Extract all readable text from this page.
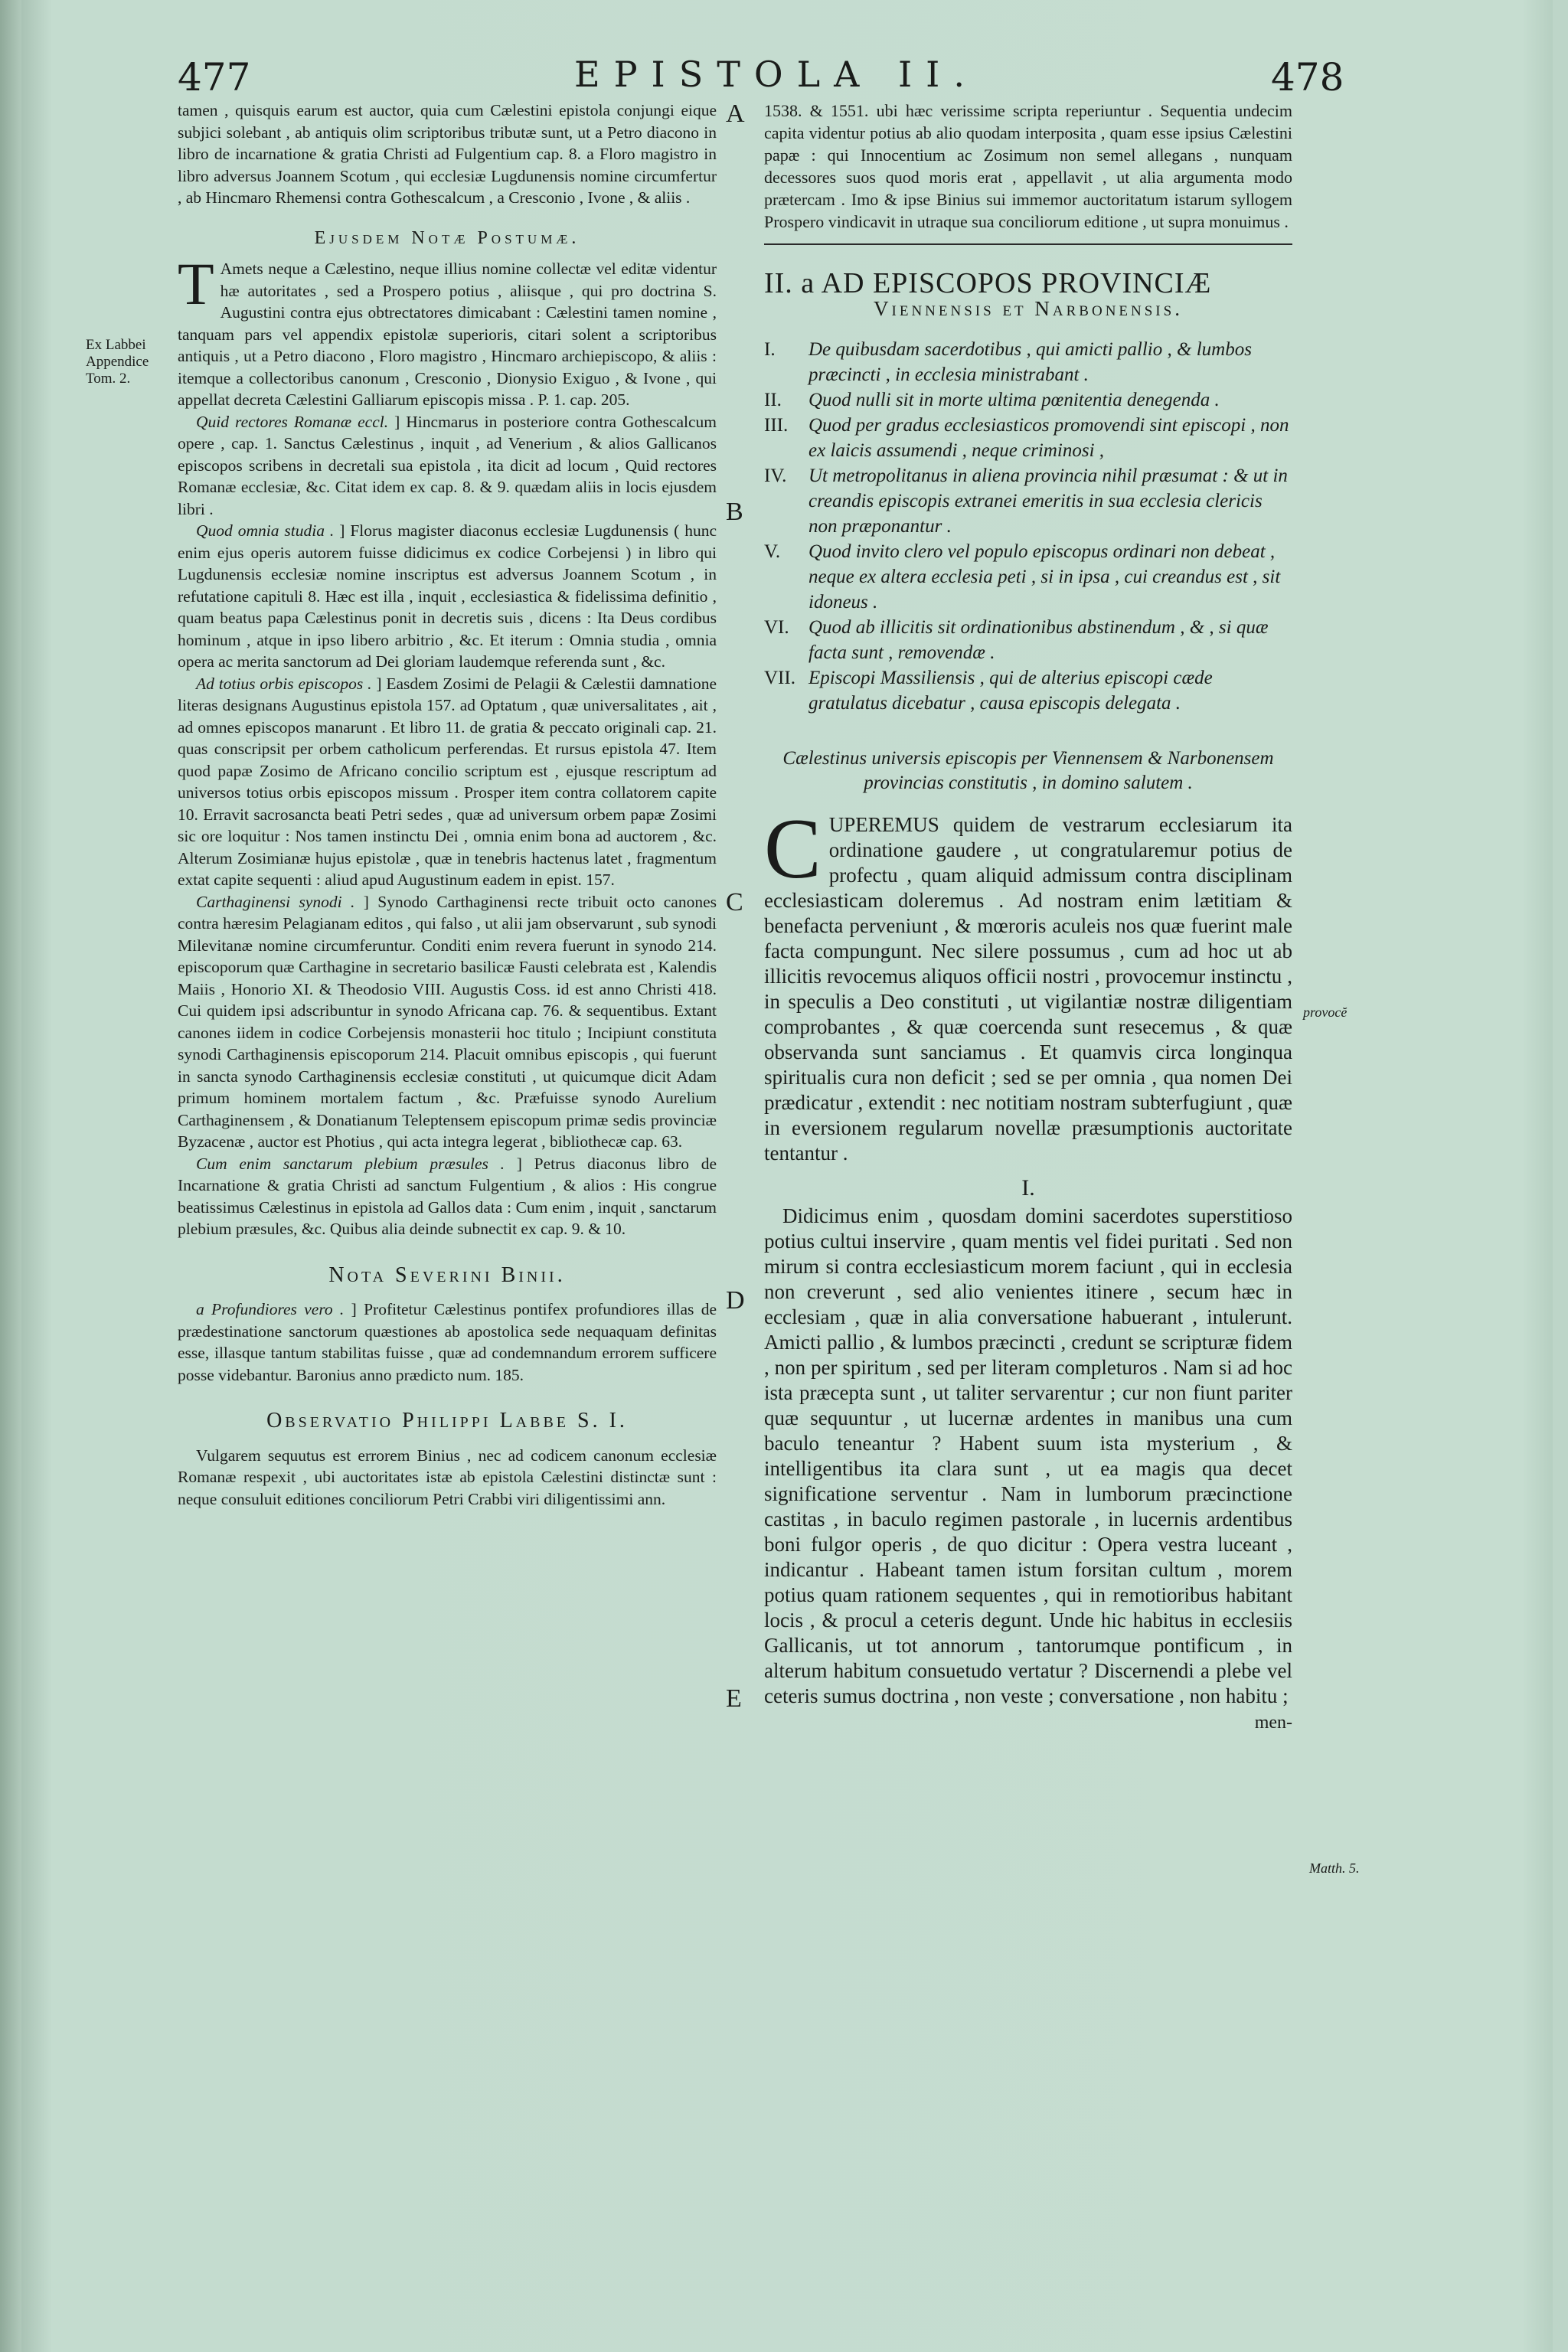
477	EPISTOLA II.	478
Ex Labbei Appendice Tom. 2.
A
B
C
D
E
provocĕ
Matth. 5.

tamen , quisquis earum est auctor, quia cum Cælestini epistola conjungi eique subjici solebant , ab antiquis olim scriptoribus tributæ sunt, ut a Petro diacono in libro de incarnatione & gratia Christi ad Fulgentium cap. 8. a Floro magistro in libro adversus Joannem Scotum , qui ecclesiæ Lugdunensis nomine circumfertur , ab Hincmaro Rhemensi contra Gothescalcum , a Cresconio , Ivone , & aliis .

Ejusdem Notæ Postumæ.
T Amets neque a Cælestino, neque illius nomine collectæ vel editæ videntur hæ autoritates , sed a Prospero potius , aliisque , qui pro doctrina S. Augustini contra ejus obtrectatores dimicabant : Cælestini tamen nomine , tanquam pars vel appendix epistolæ superioris, citari solent a scriptoribus antiquis , ut a Petro diacono , Floro magistro , Hincmaro archiepiscopo, & aliis : itemque a collectoribus canonum , Cresconio , Dionysio Exiguo , & Ivone , qui appellat decreta Cælestini Galliarum episcopis missa . P. 1. cap. 205.

Quid rectores Romanæ eccl. ] Hincmarus in posteriore contra Gothescalcum opere , cap. 1. Sanctus Cælestinus , inquit , ad Venerium , & alios Gallicanos episcopos scribens in decretali sua epistola , ita dicit ad locum , Quid rectores Romanæ ecclesiæ, &c. Citat idem ex cap. 8. & 9. quædam aliis in locis ejusdem libri .

Quod omnia studia . ] Florus magister diaconus ecclesiæ Lugdunensis ( hunc enim ejus operis autorem fuisse didicimus ex codice Corbejensi ) in libro qui Lugdunensis ecclesiæ nomine inscriptus est adversus Joannem Scotum , in refutatione capituli 8. Hæc est illa , inquit , ecclesiastica & fidelissima definitio , quam beatus papa Cælestinus ponit in decretis suis , dicens : Ita Deus cordibus hominum , atque in ipso libero arbitrio , &c. Et iterum : Omnia studia , omnia opera ac merita sanctorum ad Dei gloriam laudemque referenda sunt , &c.

Ad totius orbis episcopos . ] Easdem Zosimi de Pelagii & Cælestii damnatione literas designans Augustinus epistola 157. ad Optatum , quæ universalitates , ait , ad omnes episcopos manarunt . Et libro 11. de gratia & peccato originali cap. 21. quas conscripsit per orbem catholicum perferendas. Et rursus epistola 47. Item quod papæ Zosimo de Africano concilio scriptum est , ejusque rescriptum ad universos totius orbis episcopos missum . Prosper item contra collatorem capite 10. Erravit sacrosancta beati Petri sedes , quæ ad universum orbem papæ Zosimi sic ore loquitur : Nos tamen instinctu Dei , omnia enim bona ad auctorem , &c. Alterum Zosimianæ hujus epistolæ , quæ in tenebris hactenus latet , fragmentum extat capite sequenti : aliud apud Augustinum eadem in epist. 157.

Carthaginensi synodi . ] Synodo Carthaginensi recte tribuit octo canones contra hæresim Pelagianam editos , qui falso , ut alii jam observarunt , sub synodi Milevitanæ nomine circumferuntur. Conditi enim revera fuerunt in synodo 214. episcoporum quæ Carthagine in secretario basilicæ Fausti celebrata est , Kalendis Maiis , Honorio XI. & Theodosio VIII. Augustis Coss. id est anno Christi 418. Cui quidem ipsi adscribuntur in synodo Africana cap. 76. & sequentibus. Extant canones iidem in codice Corbejensis monasterii hoc titulo ; Incipiunt constituta synodi Carthaginensis episcoporum 214. Placuit omnibus episcopis , qui fuerunt in sancta synodo Carthaginensis ecclesiæ constituti , ut quicumque dicit Adam primum hominem mortalem factum , &c. Præfuisse synodo Aurelium Carthaginensem , & Donatianum Teleptensem episcopum primæ sedis provinciæ Byzacenæ , auctor est Photius , qui acta integra legerat , bibliothecæ cap. 63.

Cum enim sanctarum plebium præsules . ] Petrus diaconus libro de Incarnatione & gratia Christi ad sanctum Fulgentium , & alios : His congrue beatissimus Cælestinus in epistola ad Gallos data : Cum enim , inquit , sanctarum plebium præsules, &c. Quibus alia deinde subnectit ex cap. 9. & 10.

Nota Severini Binii.

a Profundiores vero . ] Profitetur Cælestinus pontifex profundiores illas de prædestinatione sanctorum quæstiones ab apostolica sede nequaquam definitas esse, illasque tantum stabilitas fuisse , quæ ad condemnandum errorem sufficere posse videbantur. Baronius anno prædicto num. 185.

Observatio Philippi Labbe S. I.

Vulgarem sequutus est errorem Binius , nec ad codicem canonum ecclesiæ Romanæ respexit , ubi auctoritates istæ ab epistola Cælestini distinctæ sunt : neque consuluit editiones conciliorum Petri Crabbi viri diligentissimi ann.

1538. & 1551. ubi hæc verissime scripta reperiuntur . Sequentia undecim capita videntur potius ab alio quodam interposita , quam esse ipsius Cælestini papæ : qui Innocentium ac Zosimum non semel allegans , nunquam decessores suos quod moris erat , appellavit , ut alia argumenta modo prætercam . Imo & ipse Binius sui immemor auctoritatum istarum syllogem Prospero vindicavit in utraque sua conciliorum editione , ut supra monuimus .

II. a AD EPISCOPOS PROVINCIÆ
Viennensis et Narbonensis.

I. De quibusdam sacerdotibus , qui amicti pallio , & lumbos præcincti , in ecclesia ministrabant .

II. Quod nulli sit in morte ultima pœnitentia denegenda .

III. Quod per gradus ecclesiasticos promovendi sint episcopi , non ex laicis assumendi , neque criminosi ,

IV. Ut metropolitanus in aliena provincia nihil præsumat : & ut in creandis episcopis extranei emeritis in sua ecclesia clericis non præponantur .

V. Quod invito clero vel populo episcopus ordinari non debeat , neque ex altera ecclesia peti , si in ipsa , cui creandus est , sit idoneus .

VI. Quod ab illicitis sit ordinationibus abstinendum , & , si quæ facta sunt , removendæ .

VII. Episcopi Massiliensis , qui de alterius episcopi cæde gratulatus dicebatur , causa episcopis delegata .

Cælestinus universis episcopis per Viennensem & Narbonensem provincias constitutis , in domino salutem .
C UPEREMUS quidem de vestrarum ecclesiarum ita ordinatione gaudere , ut congratularemur potius de profectu , quam aliquid admissum contra disciplinam ecclesiasticam doleremus . Ad nostram enim lætitiam & benefacta perveniunt , & mœroris aculeis nos quæ fuerint male facta compungunt. Nec silere possumus , cum ad hoc ut ab illicitis revocemus aliquos officii nostri , provocemur instinctu , in speculis a Deo constituti , ut vigilantiæ nostræ diligentiam comprobantes , & quæ coercenda sunt resecemus , & quæ observanda sunt sanciamus . Et quamvis circa longinqua spiritualis cura non deficit ; sed se per omnia , qua nomen Dei prædicatur , extendit : nec notitiam nostram subterfugiunt , quæ in eversionem regularum novellæ præsumptionis auctoritate tentantur .
I.

Didicimus enim , quosdam domini sacerdotes superstitioso potius cultui inservire , quam mentis vel fidei puritati . Sed non mirum si contra ecclesiasticum morem faciunt , qui in ecclesia non creverunt , sed alio venientes itinere , secum hæc in ecclesiam , quæ in alia conversatione habuerant , intulerunt. Amicti pallio , & lumbos præcincti , credunt se scripturæ fidem , non per spiritum , sed per literam completuros . Nam si ad hoc ista præcepta sunt , ut taliter servarentur ; cur non fiunt pariter quæ sequuntur , ut lucernæ ardentes in manibus una cum baculo teneantur ? Habent suum ista mysterium , & intelligentibus ita clara sunt , ut ea magis qua decet significatione serventur . Nam in lumborum præcinctione castitas , in baculo regimen pastorale , in lucernis ardentibus boni fulgor operis , de quo dicitur : Opera vestra luceant , indicantur . Habeant tamen istum forsitan cultum , morem potius quam rationem sequentes , qui in remotioribus habitant locis , & procul a ceteris degunt. Unde hic habitus in ecclesiis Gallicanis, ut tot annorum , tantorumque pontificum , in alterum habitum consuetudo vertatur ? Discernendi a plebe vel ceteris sumus doctrina , non veste ; conversatione , non habitu ;

men-
